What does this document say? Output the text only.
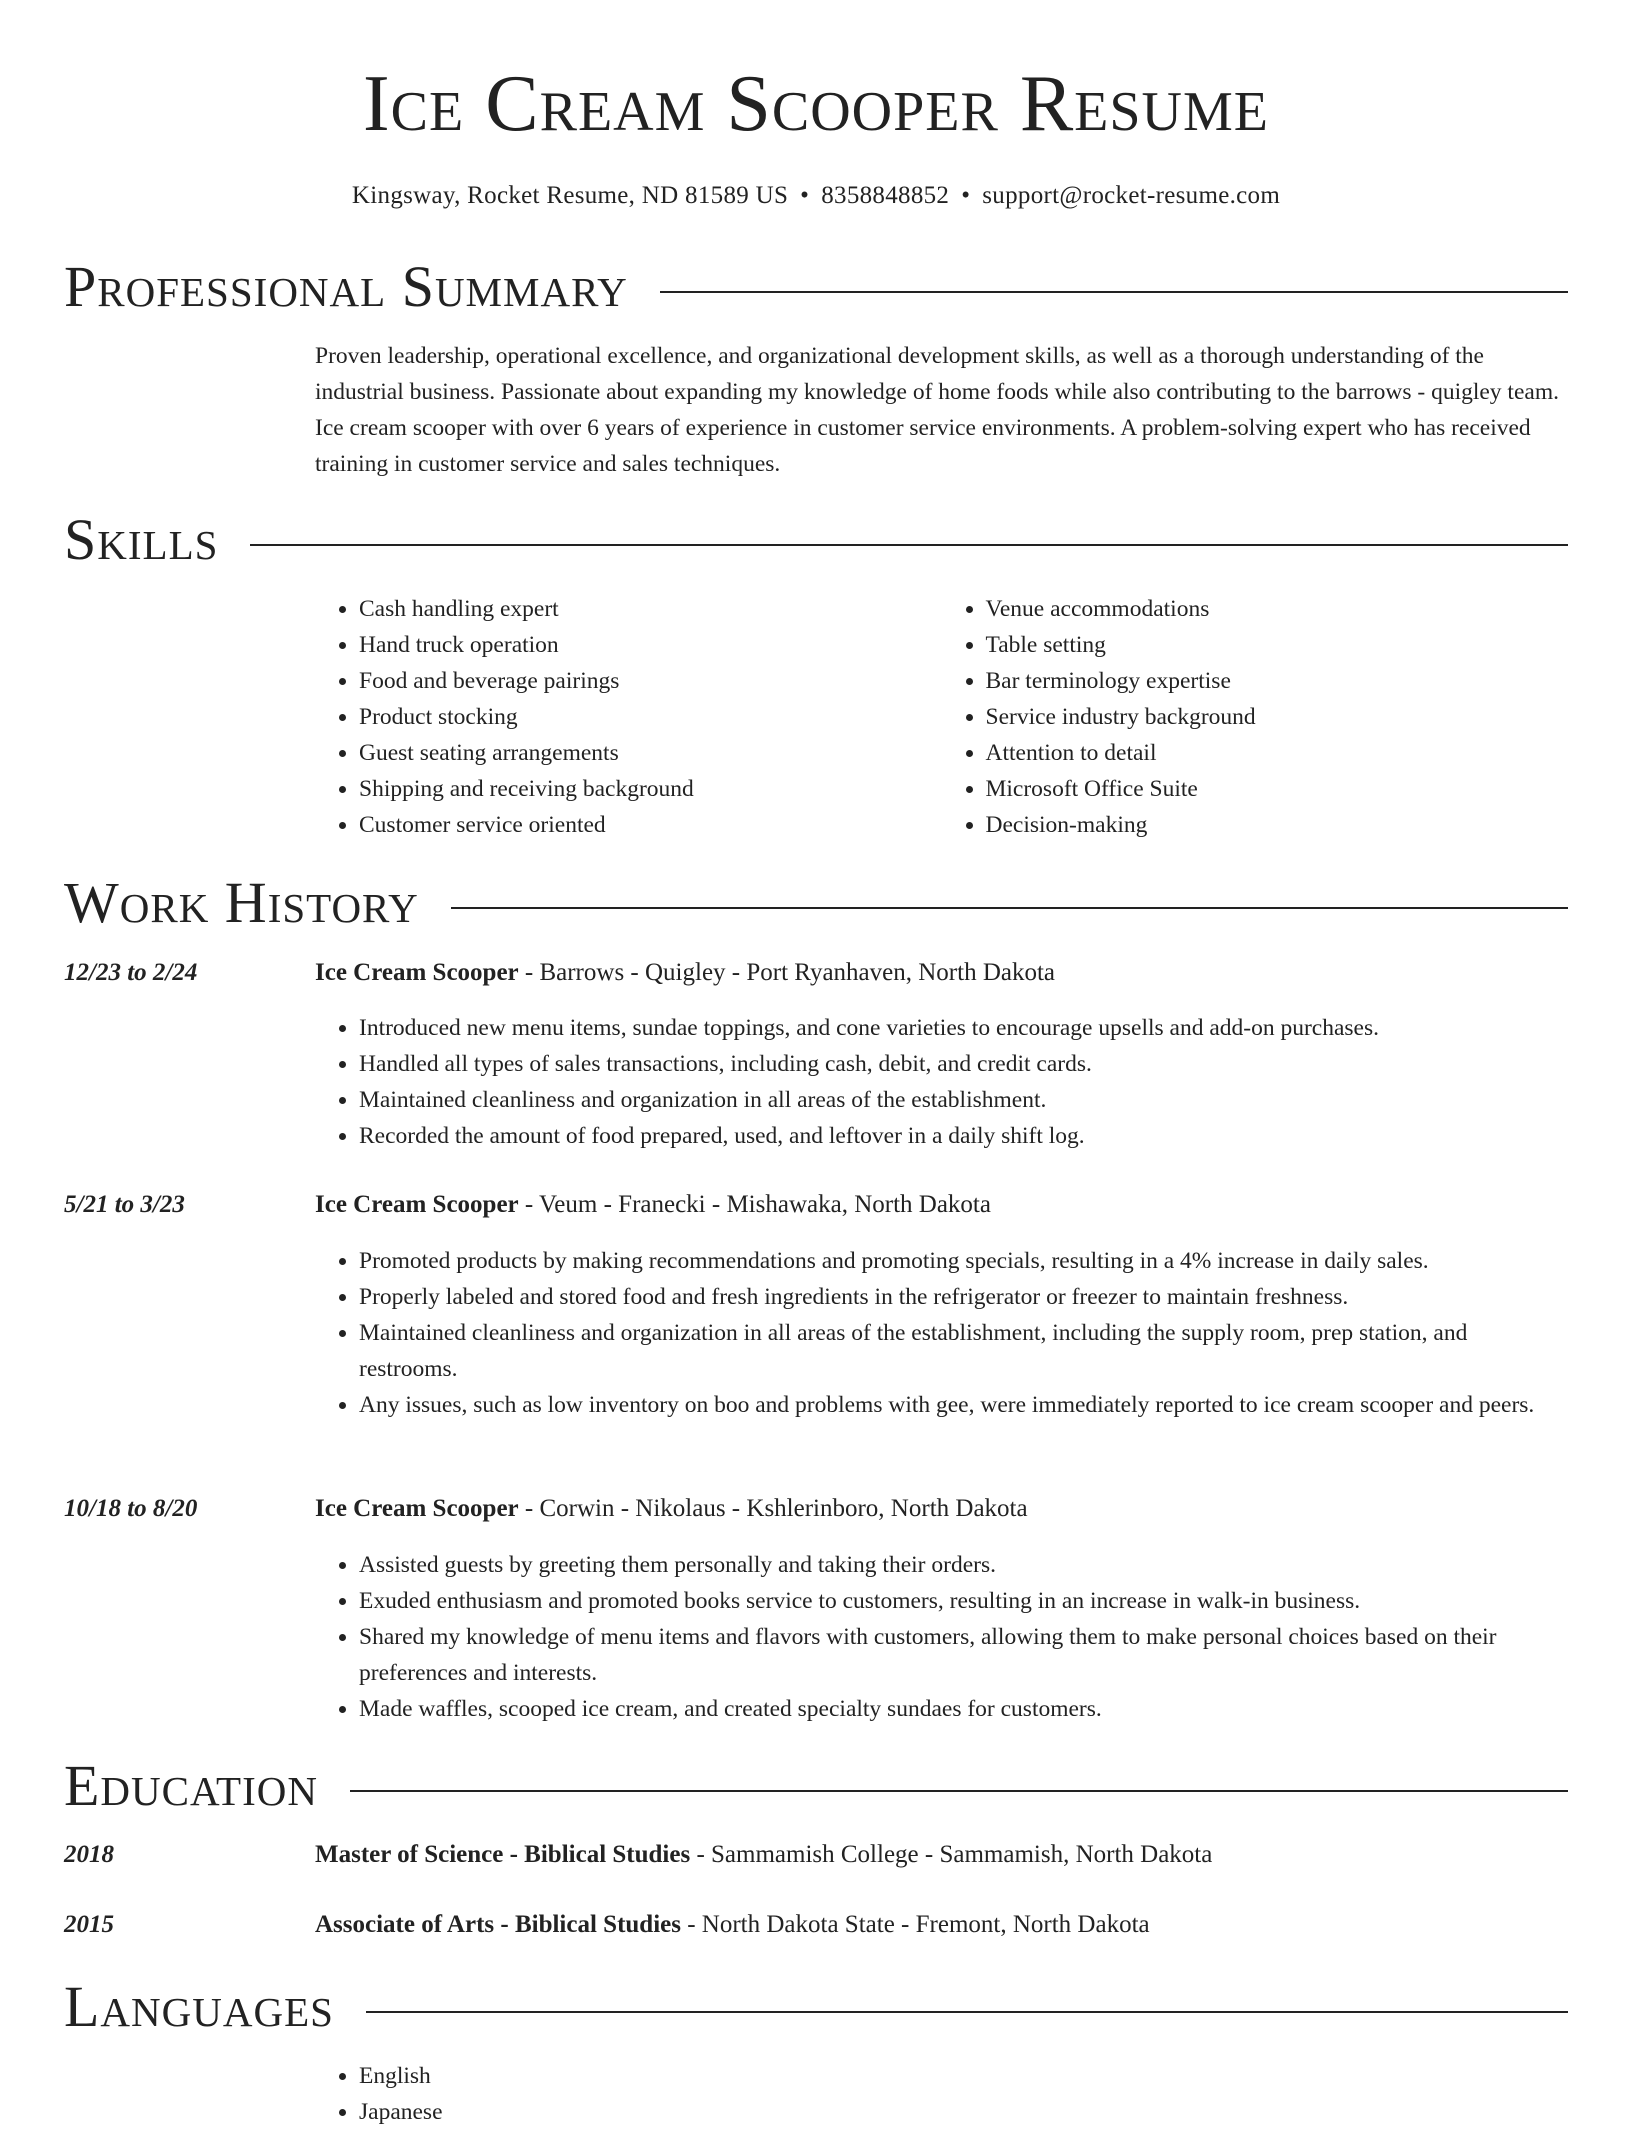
Ice Cream Scooper Resume
Kingsway, Rocket Resume, ND 81589 US • 8358848852 • support@rocket-resume.com
Professional Summary
Proven leadership, operational excellence, and organizational development skills, as well as a thorough understanding of the industrial business. Passionate about expanding my knowledge of home foods while also contributing to the barrows - quigley team. Ice cream scooper with over 6 years of experience in customer service environments. A problem-solving expert who has received training in customer service and sales techniques.
Skills
• Cash handling expert
• Hand truck operation
• Food and beverage pairings
• Product stocking
• Guest seating arrangements
• Shipping and receiving background
• Customer service oriented
• Venue accommodations
• Table setting
• Bar terminology expertise
• Service industry background
• Attention to detail
• Microsoft Office Suite
• Decision-making
Work History
12/23 to 2/24	Ice Cream Scooper - Barrows - Quigley - Port Ryanhaven, North Dakota
• Introduced new menu items, sundae toppings, and cone varieties to encourage upsells and add-on purchases.
• Handled all types of sales transactions, including cash, debit, and credit cards.
• Maintained cleanliness and organization in all areas of the establishment.
• Recorded the amount of food prepared, used, and leftover in a daily shift log.
5/21 to 3/23	Ice Cream Scooper - Veum - Franecki - Mishawaka, North Dakota
• Promoted products by making recommendations and promoting specials, resulting in a 4% increase in daily sales.
• Properly labeled and stored food and fresh ingredients in the refrigerator or freezer to maintain freshness.
• Maintained cleanliness and organization in all areas of the establishment, including the supply room, prep station, and restrooms.
• Any issues, such as low inventory on boo and problems with gee, were immediately reported to ice cream scooper and peers.
10/18 to 8/20	Ice Cream Scooper - Corwin - Nikolaus - Kshlerinboro, North Dakota
• Assisted guests by greeting them personally and taking their orders.
• Exuded enthusiasm and promoted books service to customers, resulting in an increase in walk-in business.
• Shared my knowledge of menu items and flavors with customers, allowing them to make personal choices based on their preferences and interests.
• Made waffles, scooped ice cream, and created specialty sundaes for customers.
Education
2018	Master of Science - Biblical Studies - Sammamish College - Sammamish, North Dakota
2015	Associate of Arts - Biblical Studies - North Dakota State - Fremont, North Dakota
Languages
• English
• Japanese
